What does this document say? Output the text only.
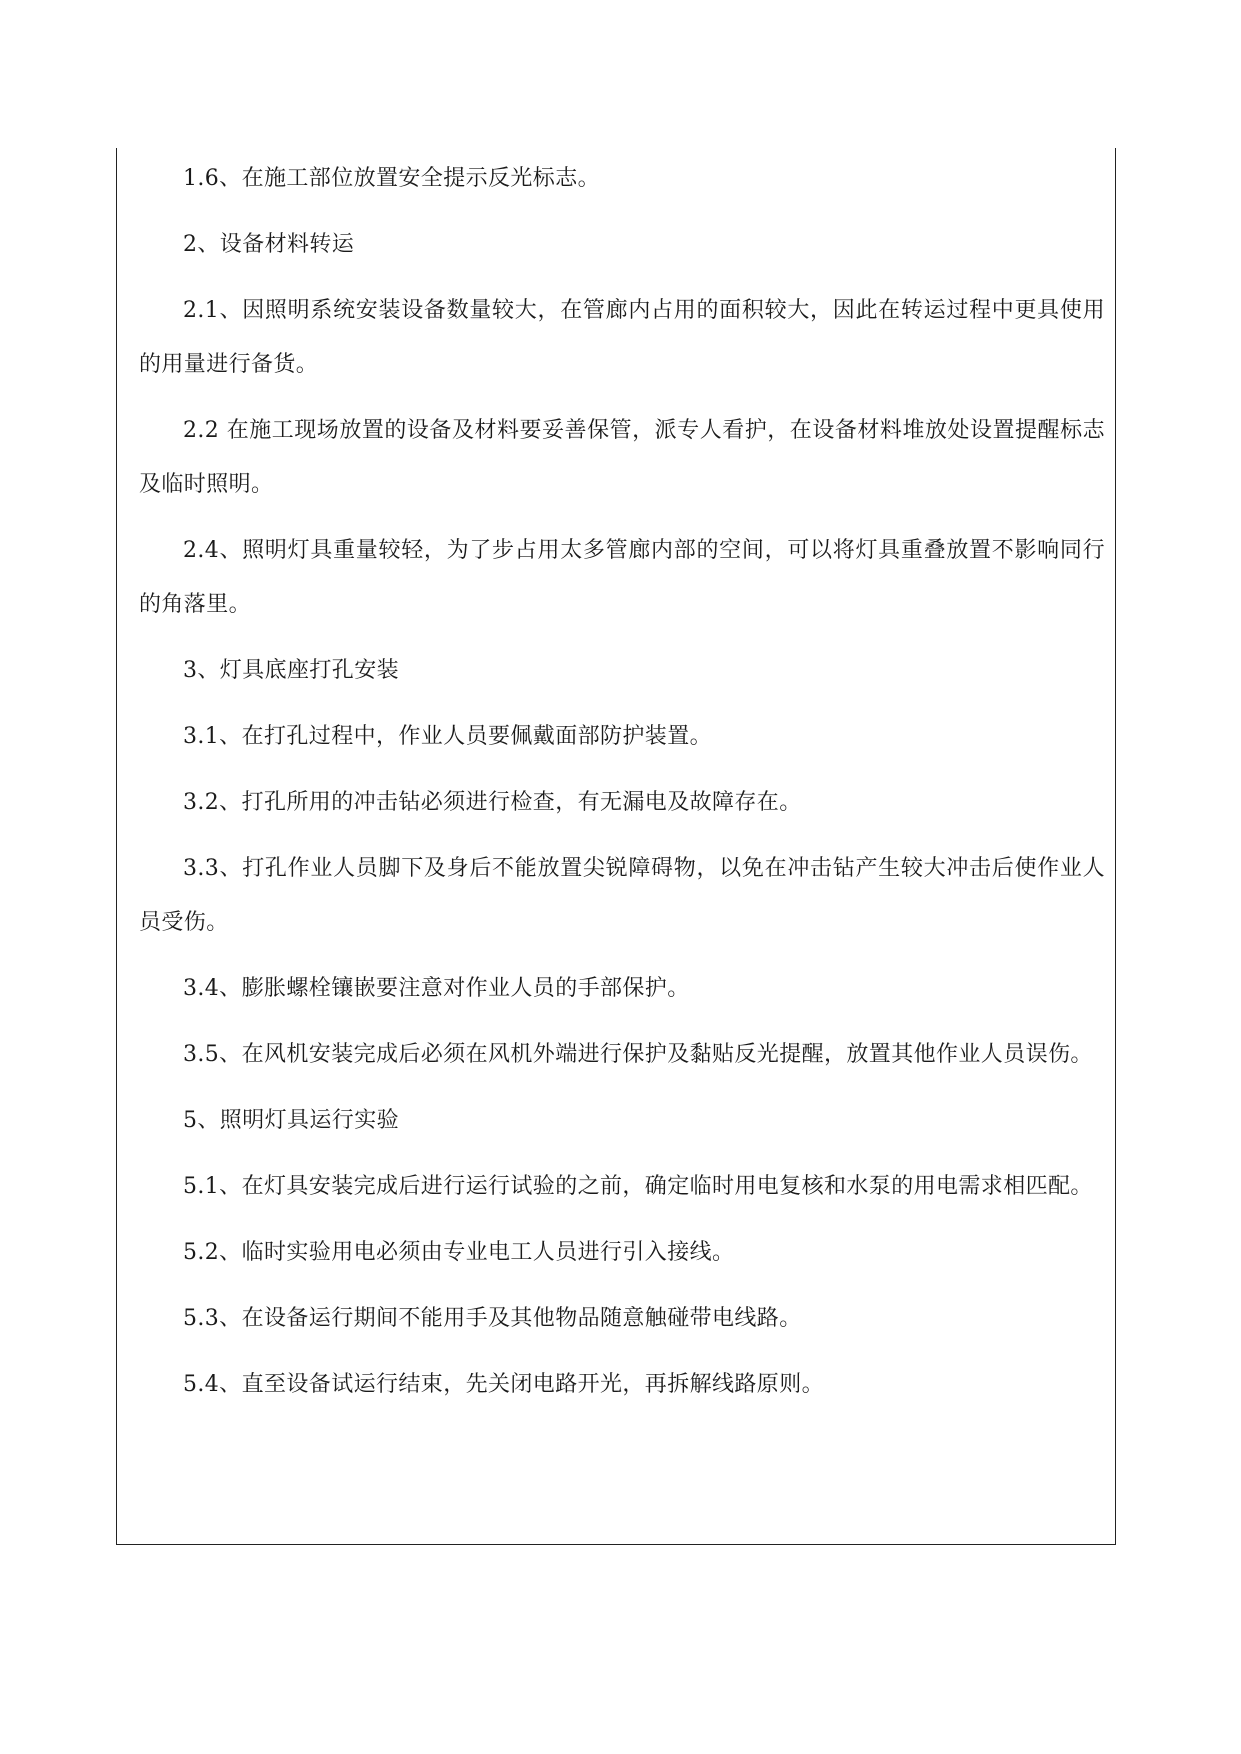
1.6、在施工部位放置安全提示反光标志。

2、设备材料转运

2.1、因照明系统安装设备数量较大，在管廊内占用的面积较大，因此在转运过程中更具使用的用量进行备货。

2.2 在施工现场放置的设备及材料要妥善保管，派专人看护，在设备材料堆放处设置提醒标志及临时照明。

2.4、照明灯具重量较轻，为了步占用太多管廊内部的空间，可以将灯具重叠放置不影响同行的角落里。

3、灯具底座打孔安装

3.1、在打孔过程中，作业人员要佩戴面部防护装置。

3.2、打孔所用的冲击钻必须进行检查，有无漏电及故障存在。

3.3、打孔作业人员脚下及身后不能放置尖锐障碍物，以免在冲击钻产生较大冲击后使作业人员受伤。

3.4、膨胀螺栓镶嵌要注意对作业人员的手部保护。

3.5、在风机安装完成后必须在风机外端进行保护及黏贴反光提醒，放置其他作业人员误伤。

5、照明灯具运行实验

5.1、在灯具安装完成后进行运行试验的之前，确定临时用电复核和水泵的用电需求相匹配。

5.2、临时实验用电必须由专业电工人员进行引入接线。

5.3、在设备运行期间不能用手及其他物品随意触碰带电线路。

5.4、直至设备试运行结束，先关闭电路开光，再拆解线路原则。
